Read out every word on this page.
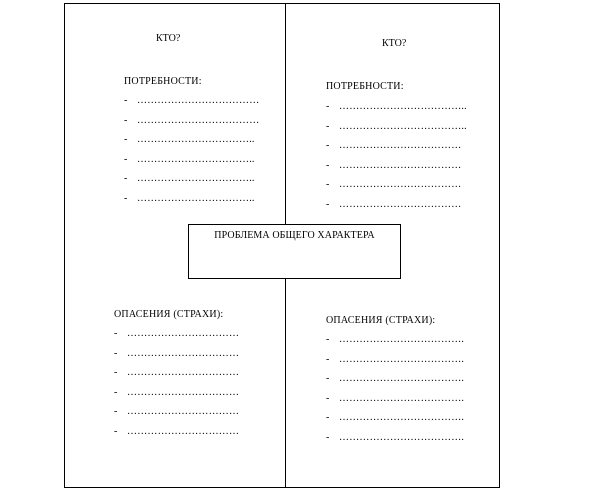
КТО?
ПОТРЕБНОСТИ:
- ………………………………
- ………………………………
- ……………………………..
- ……………………………..
- ……………………………..
- ……………………………..
КТО?
ПОТРЕБНОСТИ:
- ………………………………..
- ………………………………..
- ………………………………
- ………………………………
- ………………………………
- ………………………………
ПРОБЛЕМА ОБЩЕГО ХАРАКТЕРА
ОПАСЕНИЯ (СТРАХИ):
- ……………………………
- ……………………………
- ……………………………
- ……………………………
- ……………………………
- ……………………………
ОПАСЕНИЯ (СТРАХИ):
- ……………………………….
- ……………………………….
- ……………………………….
- ……………………………….
- ……………………………….
- ……………………………….
